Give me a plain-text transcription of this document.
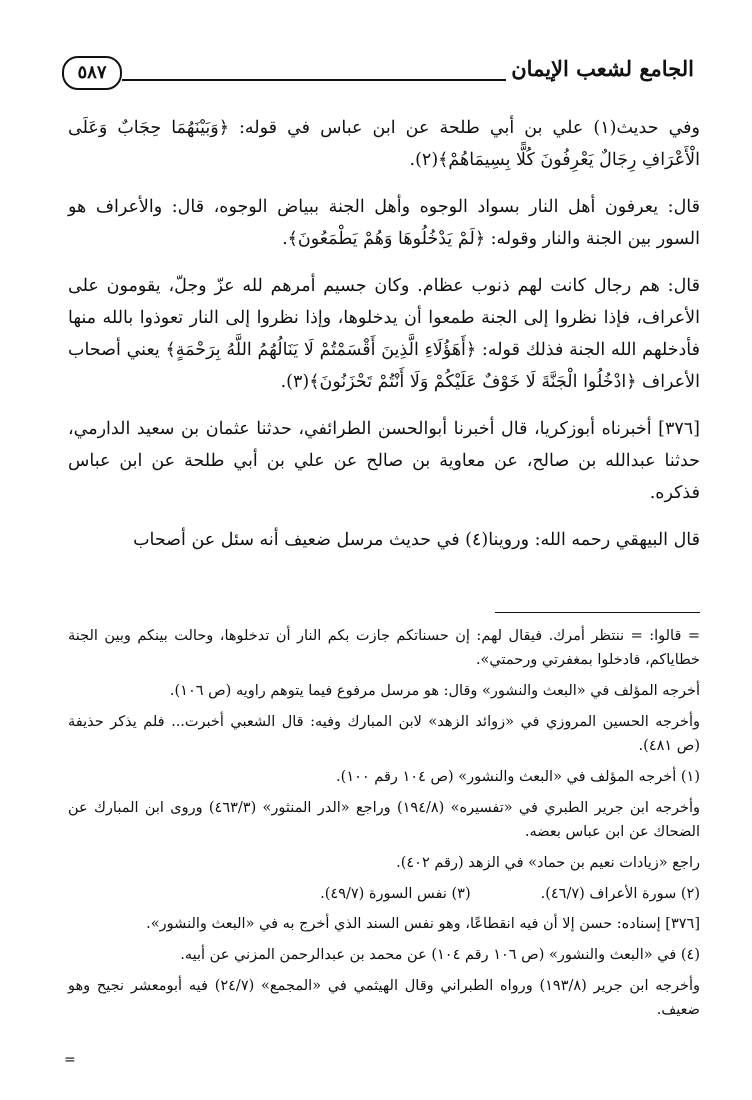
الجامع لشعب الإيمان
٥٨٧

وفي حديث(١) علي بن أبي طلحة عن ابن عباس في قوله: ﴿وَبَيْنَهُمَا حِجَابٌ وَعَلَى الْأَعْرَافِ رِجَالٌ يَعْرِفُونَ كُلًّا بِسِيمَاهُمْ﴾(٢).

قال: يعرفون أهل النار بسواد الوجوه وأهل الجنة ببياض الوجوه، قال: والأعراف هو السور بين الجنة والنار وقوله: ﴿لَمْ يَدْخُلُوهَا وَهُمْ يَطْمَعُونَ﴾.

قال: هم رجال كانت لهم ذنوب عظام. وكان جسيم أمرهم لله عزّ وجلّ، يقومون على الأعراف، فإذا نظروا إلى الجنة طمعوا أن يدخلوها، وإذا نظروا إلى النار تعوذوا بالله منها فأدخلهم الله الجنة فذلك قوله: ﴿أَهَؤُلَاءِ الَّذِينَ أَقْسَمْتُمْ لَا يَنَالُهُمُ اللَّهُ بِرَحْمَةٍ﴾ يعني أصحاب الأعراف ﴿ادْخُلُوا الْجَنَّةَ لَا خَوْفٌ عَلَيْكُمْ وَلَا أَنْتُمْ تَحْزَنُونَ﴾(٣).

[٣٧٦] أخبرناه أبوزكريا، قال أخبرنا أبوالحسن الطرائفي، حدثنا عثمان بن سعيد الدارمي، حدثنا عبدالله بن صالح، عن معاوية بن صالح عن علي بن أبي طلحة عن ابن عباس فذكره.

قال البيهقي رحمه الله: وروينا(٤) في حديث مرسل ضعيف أنه سئل عن أصحاب

= قالوا: = ننتظر أمرك. فيقال لهم: إن حسناتكم جازت بكم النار أن تدخلوها، وحالت بينكم وبين الجنة خطاياكم، فادخلوا بمغفرتي ورحمتي».

أخرجه المؤلف في «البعث والنشور» وقال: هو مرسل مرفوع فيما يتوهم راويه (ص ١٠٦).

وأخرجه الحسين المروزي في «زوائد الزهد» لابن المبارك وفيه: قال الشعبي أخبرت... فلم يذكر حذيفة (ص ٤٨١).

(١) أخرجه المؤلف في «البعث والنشور» (ص ١٠٤ رقم ١٠٠).

وأخرجه ابن جرير الطبري في «تفسيره» (١٩٤/٨) وراجع «الدر المنثور» (٤٦٣/٣) وروى ابن المبارك عن الضحاك عن ابن عباس بعضه.

راجع «زيادات نعيم بن حماد» في الزهد (رقم ٤٠٢).

(٢) سورة الأعراف (٤٦/٧).
(٣) نفس السورة (٤٩/٧).

[٣٧٦] إسناده: حسن إلا أن فيه انقطاعًا، وهو نفس السند الذي أخرج به في «البعث والنشور».

(٤) في «البعث والنشور» (ص ١٠٦ رقم ١٠٤) عن محمد بن عبدالرحمن المزني عن أبيه.

وأخرجه ابن جرير (١٩٣/٨) ورواه الطبراني وقال الهيثمي في «المجمع» (٢٤/٧) فيه أبومعشر نجيح وهو ضعيف.

=
